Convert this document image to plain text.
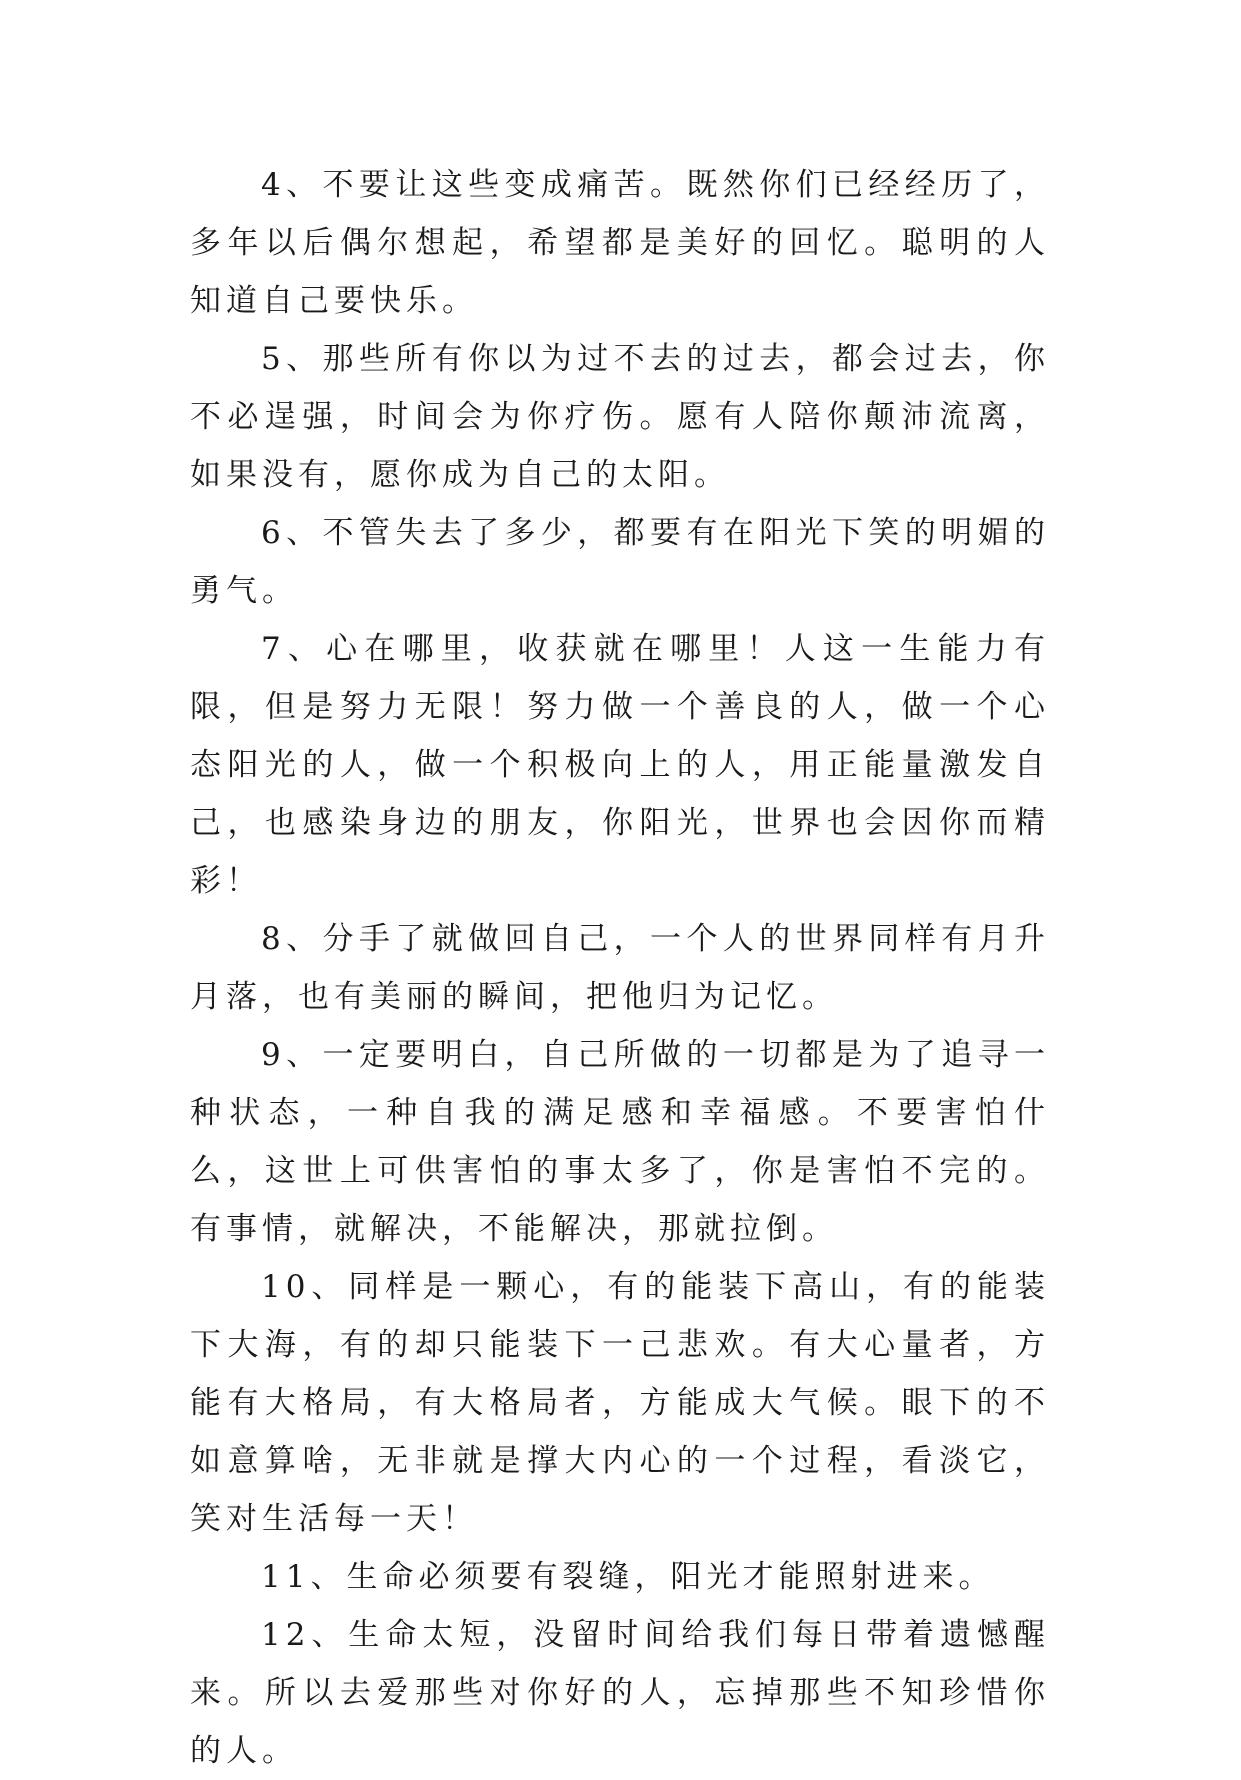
4、不要让这些变成痛苦。既然你们已经经历了，多年以后偶尔想起，希望都是美好的回忆。聪明的人知道自己要快乐。

5、那些所有你以为过不去的过去，都会过去，你不必逞强，时间会为你疗伤。愿有人陪你颠沛流离，如果没有，愿你成为自己的太阳。

6、不管失去了多少，都要有在阳光下笑的明媚的勇气。

7、心在哪里，收获就在哪里！人这一生能力有限，但是努力无限！努力做一个善良的人，做一个心态阳光的人，做一个积极向上的人，用正能量激发自己，也感染身边的朋友，你阳光，世界也会因你而精彩！

8、分手了就做回自己，一个人的世界同样有月升月落，也有美丽的瞬间，把他归为记忆。

9、一定要明白，自己所做的一切都是为了追寻一种状态，一种自我的满足感和幸福感。不要害怕什么，这世上可供害怕的事太多了，你是害怕不完的。有事情，就解决，不能解决，那就拉倒。

10、同样是一颗心，有的能装下高山，有的能装下大海，有的却只能装下一己悲欢。有大心量者，方能有大格局，有大格局者，方能成大气候。眼下的不如意算啥，无非就是撑大内心的一个过程，看淡它，笑对生活每一天！

11、生命必须要有裂缝，阳光才能照射进来。

12、生命太短，没留时间给我们每日带着遗憾醒来。所以去爱那些对你好的人，忘掉那些不知珍惜你的人。
